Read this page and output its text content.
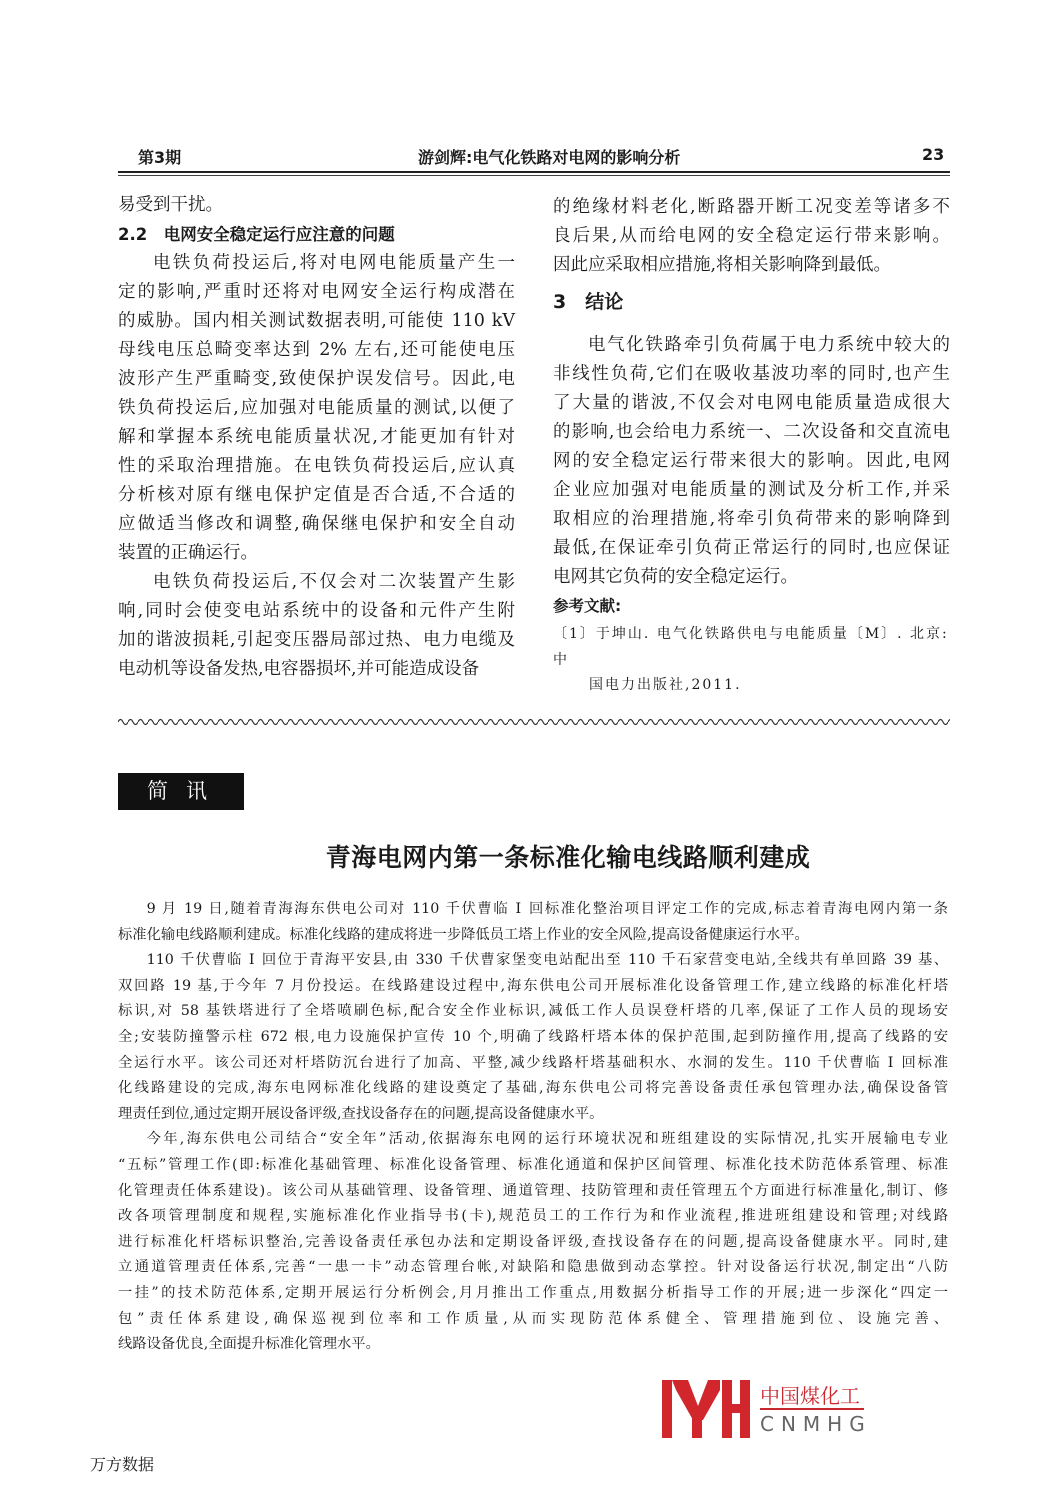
第3期	游剑辉:电气化铁路对电网的影响分析	23
易受到干扰。
2.2　电网安全稳定运行应注意的问题
电铁负荷投运后,将对电网电能质量产生一
定的影响,严重时还将对电网安全运行构成潜在
的威胁。国内相关测试数据表明,可能使 110 kV
母线电压总畸变率达到 2% 左右,还可能使电压
波形产生严重畸变,致使保护误发信号。因此,电
铁负荷投运后,应加强对电能质量的测试,以便了
解和掌握本系统电能质量状况,才能更加有针对
性的采取治理措施。在电铁负荷投运后,应认真
分析核对原有继电保护定值是否合适,不合适的
应做适当修改和调整,确保继电保护和安全自动
装置的正确运行。
电铁负荷投运后,不仅会对二次装置产生影
响,同时会使变电站系统中的设备和元件产生附
加的谐波损耗,引起变压器局部过热、电力电缆及
电动机等设备发热,电容器损坏,并可能造成设备
的绝缘材料老化,断路器开断工况变差等诸多不
良后果,从而给电网的安全稳定运行带来影响。
因此应采取相应措施,将相关影响降到最低。
3　结论
电气化铁路牵引负荷属于电力系统中较大的
非线性负荷,它们在吸收基波功率的同时,也产生
了大量的谐波,不仅会对电网电能质量造成很大
的影响,也会给电力系统一、二次设备和交直流电
网的安全稳定运行带来很大的影响。因此,电网
企业应加强对电能质量的测试及分析工作,并采
取相应的治理措施,将牵引负荷带来的影响降到
最低,在保证牵引负荷正常运行的同时,也应保证
电网其它负荷的安全稳定运行。
参考文献:
〔1〕于坤山. 电气化铁路供电与电能质量〔M〕. 北京:中
国电力出版社,2011.
简讯
青海电网内第一条标准化输电线路顺利建成
9 月 19 日,随着青海海东供电公司对 110 千伏曹临 Ⅰ 回标准化整治项目评定工作的完成,标志着青海电网内第一条
标准化输电线路顺利建成。标准化线路的建成将进一步降低员工塔上作业的安全风险,提高设备健康运行水平。
110 千伏曹临 Ⅰ 回位于青海平安县,由 330 千伏曹家堡变电站配出至 110 千石家营变电站,全线共有单回路 39 基、
双回路 19 基,于今年 7 月份投运。在线路建设过程中,海东供电公司开展标准化设备管理工作,建立线路的标准化杆塔
标识,对 58 基铁塔进行了全塔喷刷色标,配合安全作业标识,减低工作人员误登杆塔的几率,保证了工作人员的现场安
全;安装防撞警示柱 672 根,电力设施保护宣传 10 个,明确了线路杆塔本体的保护范围,起到防撞作用,提高了线路的安
全运行水平。该公司还对杆塔防沉台进行了加高、平整,减少线路杆塔基础积水、水洞的发生。110 千伏曹临 Ⅰ 回标准
化线路建设的完成,海东电网标准化线路的建设奠定了基础,海东供电公司将完善设备责任承包管理办法,确保设备管
理责任到位,通过定期开展设备评级,查找设备存在的问题,提高设备健康水平。
今年,海东供电公司结合“安全年”活动,依据海东电网的运行环境状况和班组建设的实际情况,扎实开展输电专业
“五标”管理工作(即:标准化基础管理、标准化设备管理、标准化通道和保护区间管理、标准化技术防范体系管理、标准
化管理责任体系建设)。该公司从基础管理、设备管理、通道管理、技防管理和责任管理五个方面进行标准量化,制订、修
改各项管理制度和规程,实施标准化作业指导书(卡),规范员工的工作行为和作业流程,推进班组建设和管理;对线路
进行标准化杆塔标识整治,完善设备责任承包办法和定期设备评级,查找设备存在的问题,提高设备健康水平。同时,建
立通道管理责任体系,完善“一患一卡”动态管理台帐,对缺陷和隐患做到动态掌控。针对设备运行状况,制定出“八防
一挂”的技术防范体系,定期开展运行分析例会,月月推出工作重点,用数据分析指导工作的开展;进一步深化“四定一
包”责任体系建设,确保巡视到位率和工作质量,从而实现防范体系健全、管理措施到位、设施完善、
线路设备优良,全面提升标准化管理水平。
中国煤化工
CNMHG
万方数据
